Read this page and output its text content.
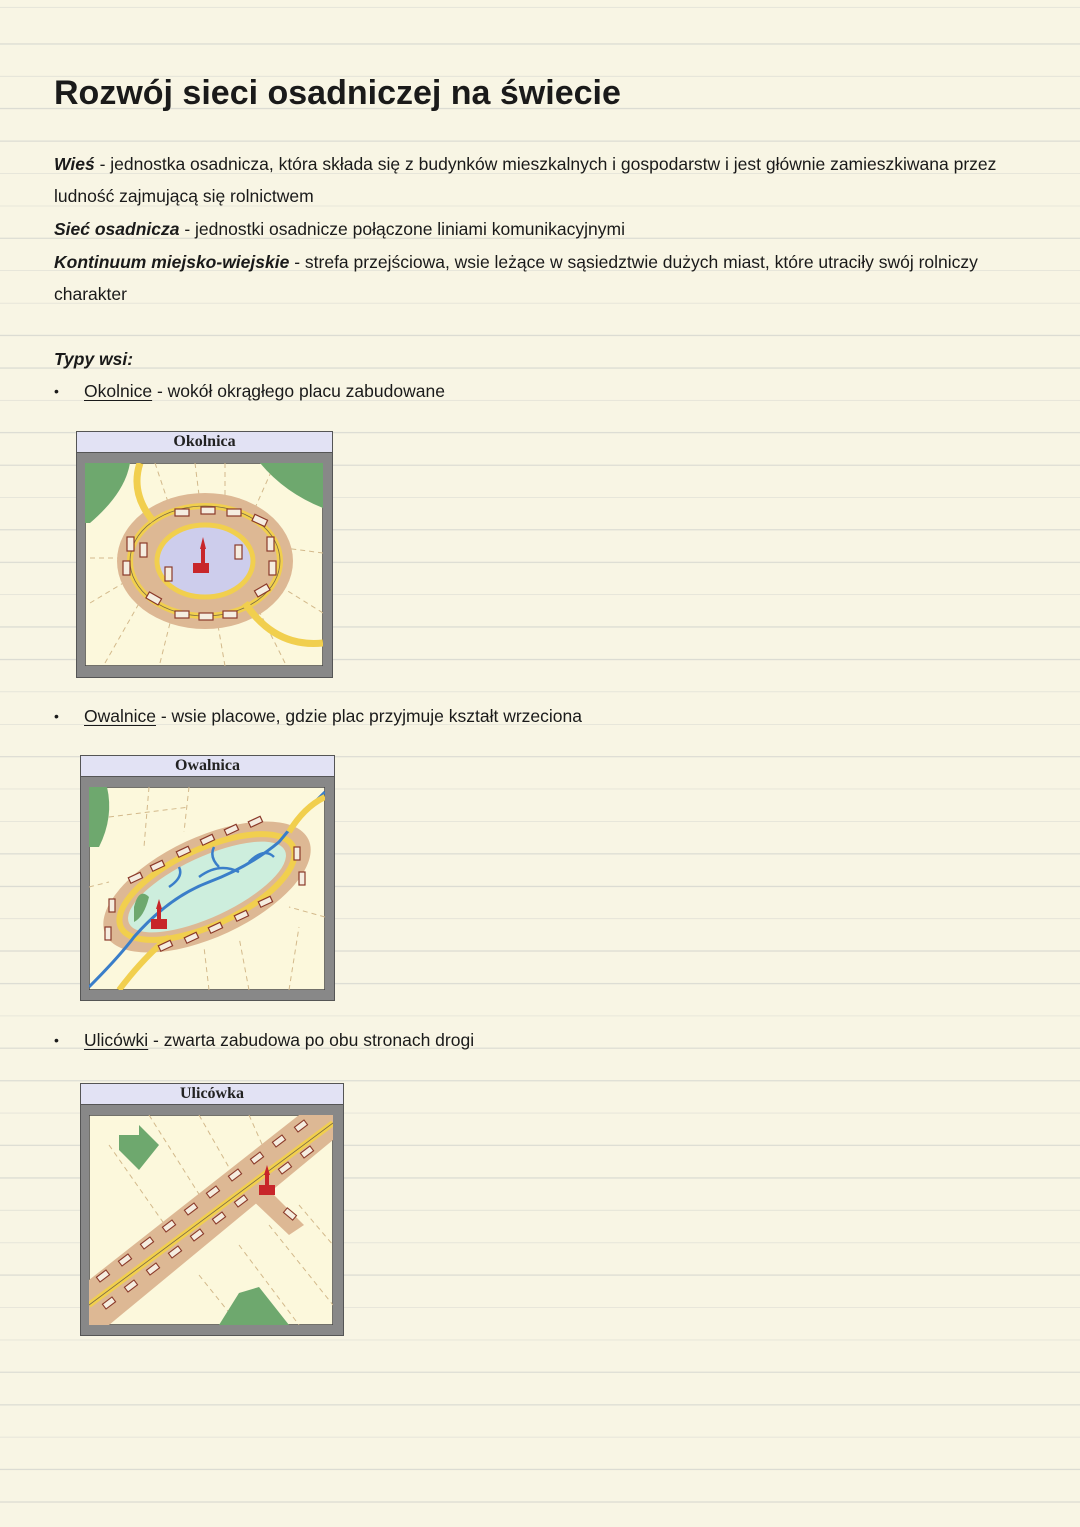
Rozwój sieci osadniczej na świecie
Wieś - jednostka osadnicza, która składa się z budynków mieszkalnych i gospodarstw i jest głównie zamieszkiwana przez
ludność zajmującą się rolnictwem
Sieć osadnicza - jednostki osadnicze połączone liniami komunikacyjnymi
Kontinuum miejsko-wiejskie - strefa przejściowa, wsie leżące w sąsiedztwie dużych miast, które utraciły swój rolniczy
charakter
Typy wsi:
• Okolnice - wokół okrągłego placu zabudowane
Okolnica
• Owalnice - wsie placowe, gdzie plac przyjmuje kształt wrzeciona
Owalnica
• Ulicówki - zwarta zabudowa po obu stronach drogi
Ulicówka
